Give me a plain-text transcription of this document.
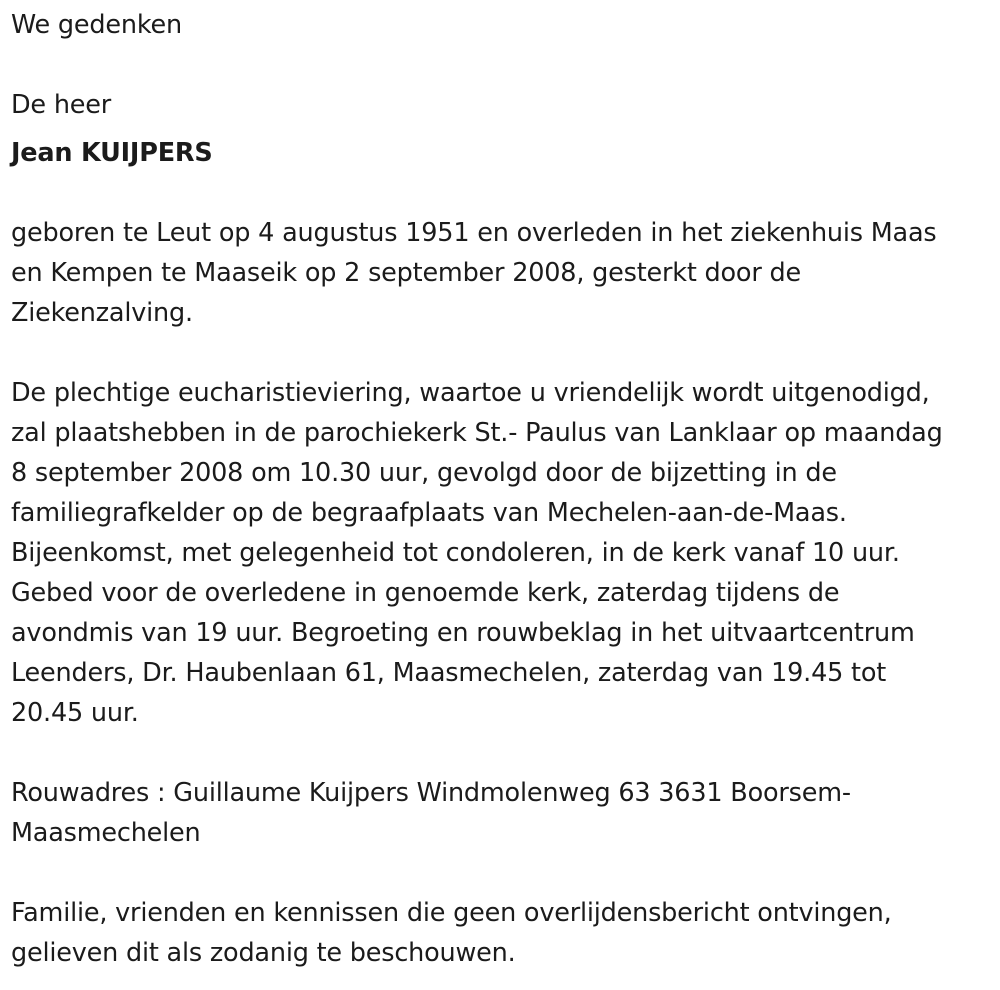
We gedenken

De heer

Jean KUIJPERS

geboren te Leut op 4 augustus 1951 en overleden in het ziekenhuis Maas
en Kempen te Maaseik op 2 september 2008, gesterkt door de
Ziekenzalving.

De plechtige eucharistieviering, waartoe u vriendelijk wordt uitgenodigd,
zal plaatshebben in de parochiekerk St.- Paulus van Lanklaar op maandag
8 september 2008 om 10.30 uur, gevolgd door de bijzetting in de
familiegrafkelder op de begraafplaats van Mechelen-aan-de-Maas.
Bijeenkomst, met gelegenheid tot condoleren, in de kerk vanaf 10 uur.
Gebed voor de overledene in genoemde kerk, zaterdag tijdens de
avondmis van 19 uur. Begroeting en rouwbeklag in het uitvaartcentrum
Leenders, Dr. Haubenlaan 61, Maasmechelen, zaterdag van 19.45 tot
20.45 uur.

Rouwadres : Guillaume Kuijpers Windmolenweg 63 3631 Boorsem-
Maasmechelen

Familie, vrienden en kennissen die geen overlijdensbericht ontvingen,
gelieven dit als zodanig te beschouwen.
